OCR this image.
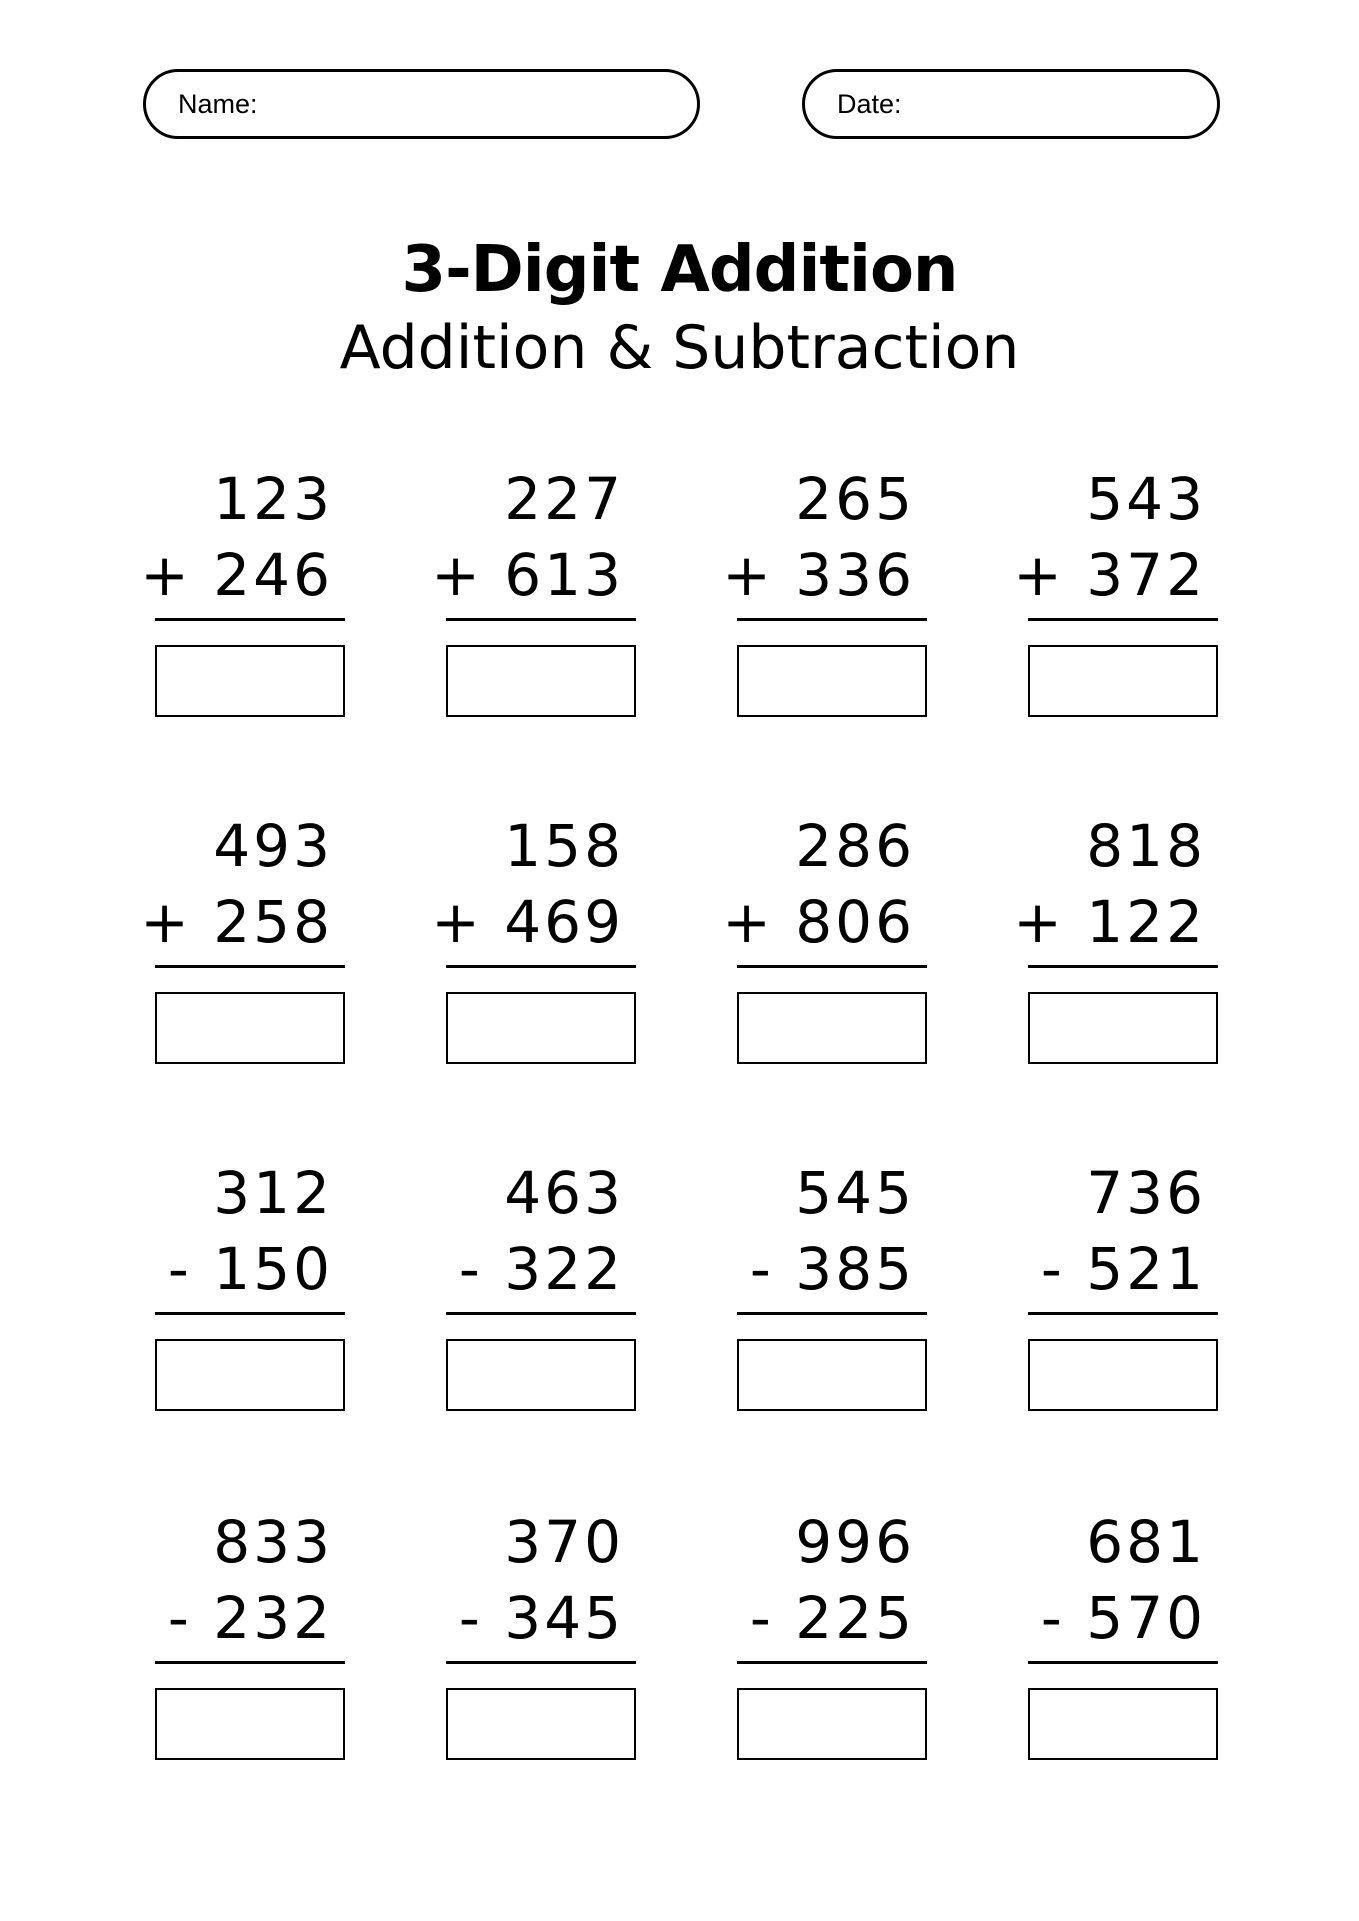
Name:	Date:
3-Digit Addition
Addition & Subtraction
123
+ 246
227
+ 613
265
+ 336
543
+ 372
493
+ 258
158
+ 469
286
+ 806
818
+ 122
312
- 150
463
- 322
545
- 385
736
- 521
833
- 232
370
- 345
996
- 225
681
- 570
